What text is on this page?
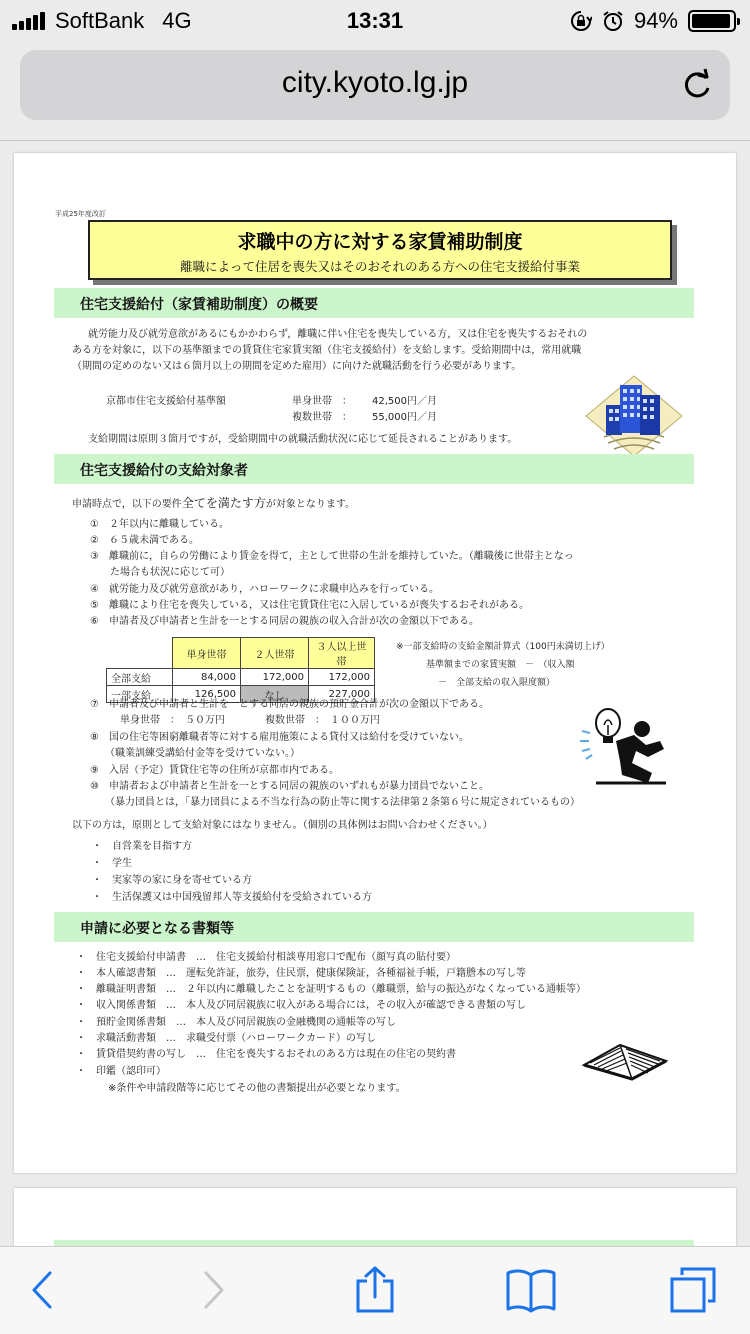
SoftBank 4G	13:31	94%
city.kyoto.lg.jp
平成25年度改訂
求職中の方に対する家賃補助制度
離職によって住居を喪失又はそのおそれのある方への住宅支援給付事業
住宅支援給付（家賃補助制度）の概要
就労能力及び就労意欲があるにもかかわらず，離職に伴い住宅を喪失している方，又は住宅を喪失するおそれの
ある方を対象に，以下の基準額までの賃貸住宅家賃実額（住宅支援給付）を支給します。受給期間中は，常用就職
（期間の定めのない又は６箇月以上の期間を定めた雇用）に向けた就職活動を行う必要があります。
京都市住宅支援給付基準額	単身世帯　： 42,500円／月
複数世帯　： 55,000円／月
支給期間は原則３箇月ですが，受給期間中の就職活動状況に応じて延長されることがあります。
住宅支援給付の支給対象者
申請時点で，以下の要件全てを満たす方が対象となります。
①　２年以内に離職している。
②　６５歳未満である。
③　離職前に，自らの労働により賃金を得て，主として世帯の生計を維持していた。（離職後に世帯主となっ
　　た場合も状況に応じて可）
④　就労能力及び就労意欲があり，ハローワークに求職申込みを行っている。
⑤　離職により住宅を喪失している，又は住宅賃貸住宅に入居しているが喪失するおそれがある。
⑥　申請者及び申請者と生計を一とする同居の親族の収入合計が次の金額以下である。
	単身世帯	２人世帯	３人以上世帯
全部支給	84,000	172,000	172,000
一部支給	126,500	なし	227,000
※一部支給時の支給金額計算式（100円未満切上げ）
基準額までの家賃実額　－　（収入額
－　全部支給の収入限度額）
⑦　申請者及び申請者と生計を一とする同居の親族の預貯金合計が次の金額以下である。
　　　単身世帯　：　５０万円　　　　複数世帯　：　１００万円
⑧　国の住宅等困窮離職者等に対する雇用施策による貸付又は給付を受けていない。
　　（職業訓練受講給付金等を受けていない。）
⑨　入居（予定）賃貸住宅等の住所が京都市内である。
⑩　申請者および申請者と生計を一とする同居の親族のいずれもが暴力団員でないこと。
　　（暴力団員とは，「暴力団員による不当な行為の防止等に関する法律第２条第６号に規定されているもの）
以下の方は，原則として支給対象にはなりません。（個別の具体例はお問い合わせください。）
・　自営業を目指す方
・　学生
・　実家等の家に身を寄せている方
・　生活保護又は中国残留邦人等支援給付を受給されている方
申請に必要となる書類等
・　住宅支援給付申請書　…　住宅支援給付相談専用窓口で配布（顔写真の貼付要）
・　本人確認書類　…　運転免許証，旅券，住民票，健康保険証，各種福祉手帳，戸籍謄本の写し等
・　離職証明書類　…　２年以内に離職したことを証明するもの（離職票，給与の振込がなくなっている通帳等）
・　収入関係書類　…　本人及び同居親族に収入がある場合には，その収入が確認できる書類の写し
・　預貯金関係書類　…　本人及び同居親族の金融機関の通帳等の写し
・　求職活動書類　…　求職受付票（ハローワークカード）の写し
・　賃貸借契約書の写し　…　住宅を喪失するおそれのある方は現在の住宅の契約書
・　印鑑（認印可）
※条件や申請段階等に応じてその他の書類提出が必要となります。
